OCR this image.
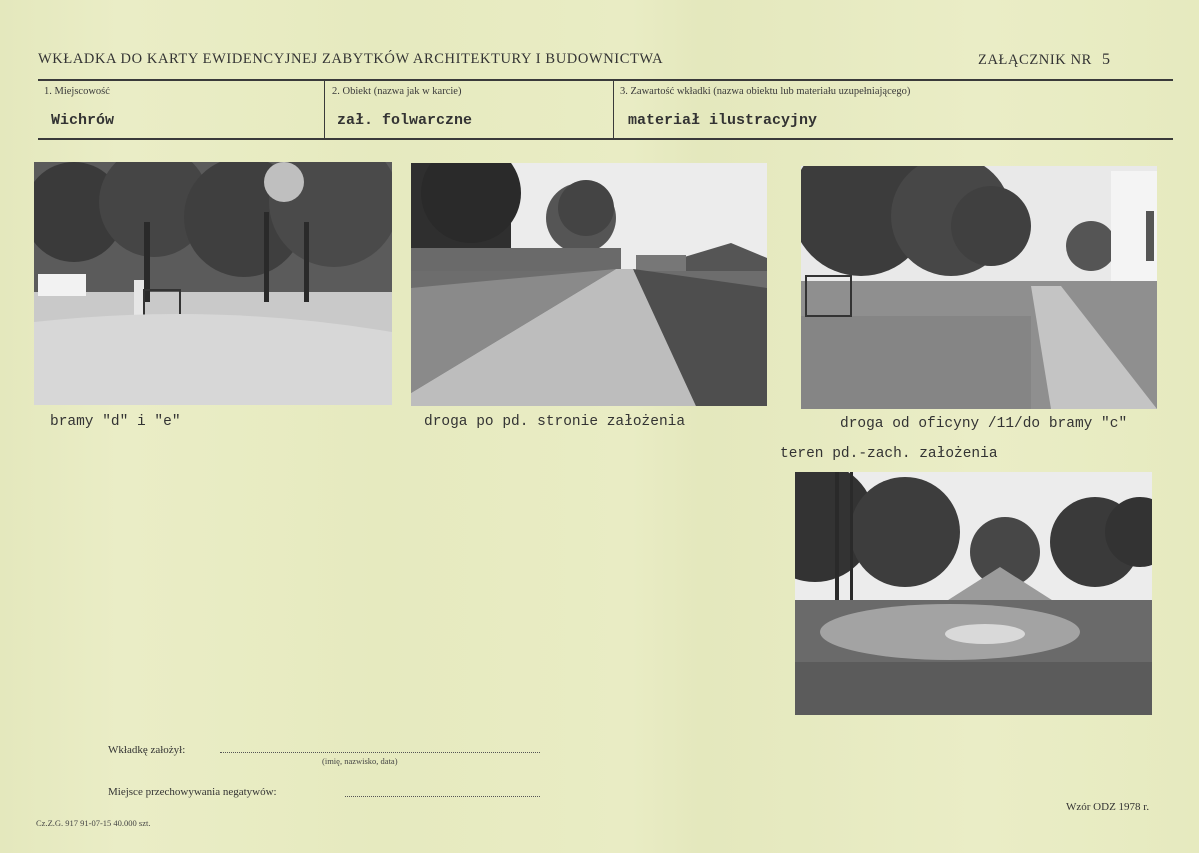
WKŁADKA DO KARTY EWIDENCYJNEJ ZABYTKÓW ARCHITEKTURY I BUDOWNICTWA	ZAŁĄCZNIK NR 5
1. Miejscowość
Wichrów
2. Obiekt (nazwa jak w karcie)
zał. folwarczne
3. Zawartość wkładki (nazwa obiektu lub materiału uzupełniającego)
materiał ilustracyjny
bramy "d" i "e"	droga po pd. stronie założenia	droga od oficyny /11/do bramy "c"
teren pd.-zach. założenia
Wkładkę założył:
(imię, nazwisko, data)
Miejsce przechowywania negatywów:
Cz.Z.G. 917 91-07-15 40.000 szt.
Wzór ODZ 1978 r.
